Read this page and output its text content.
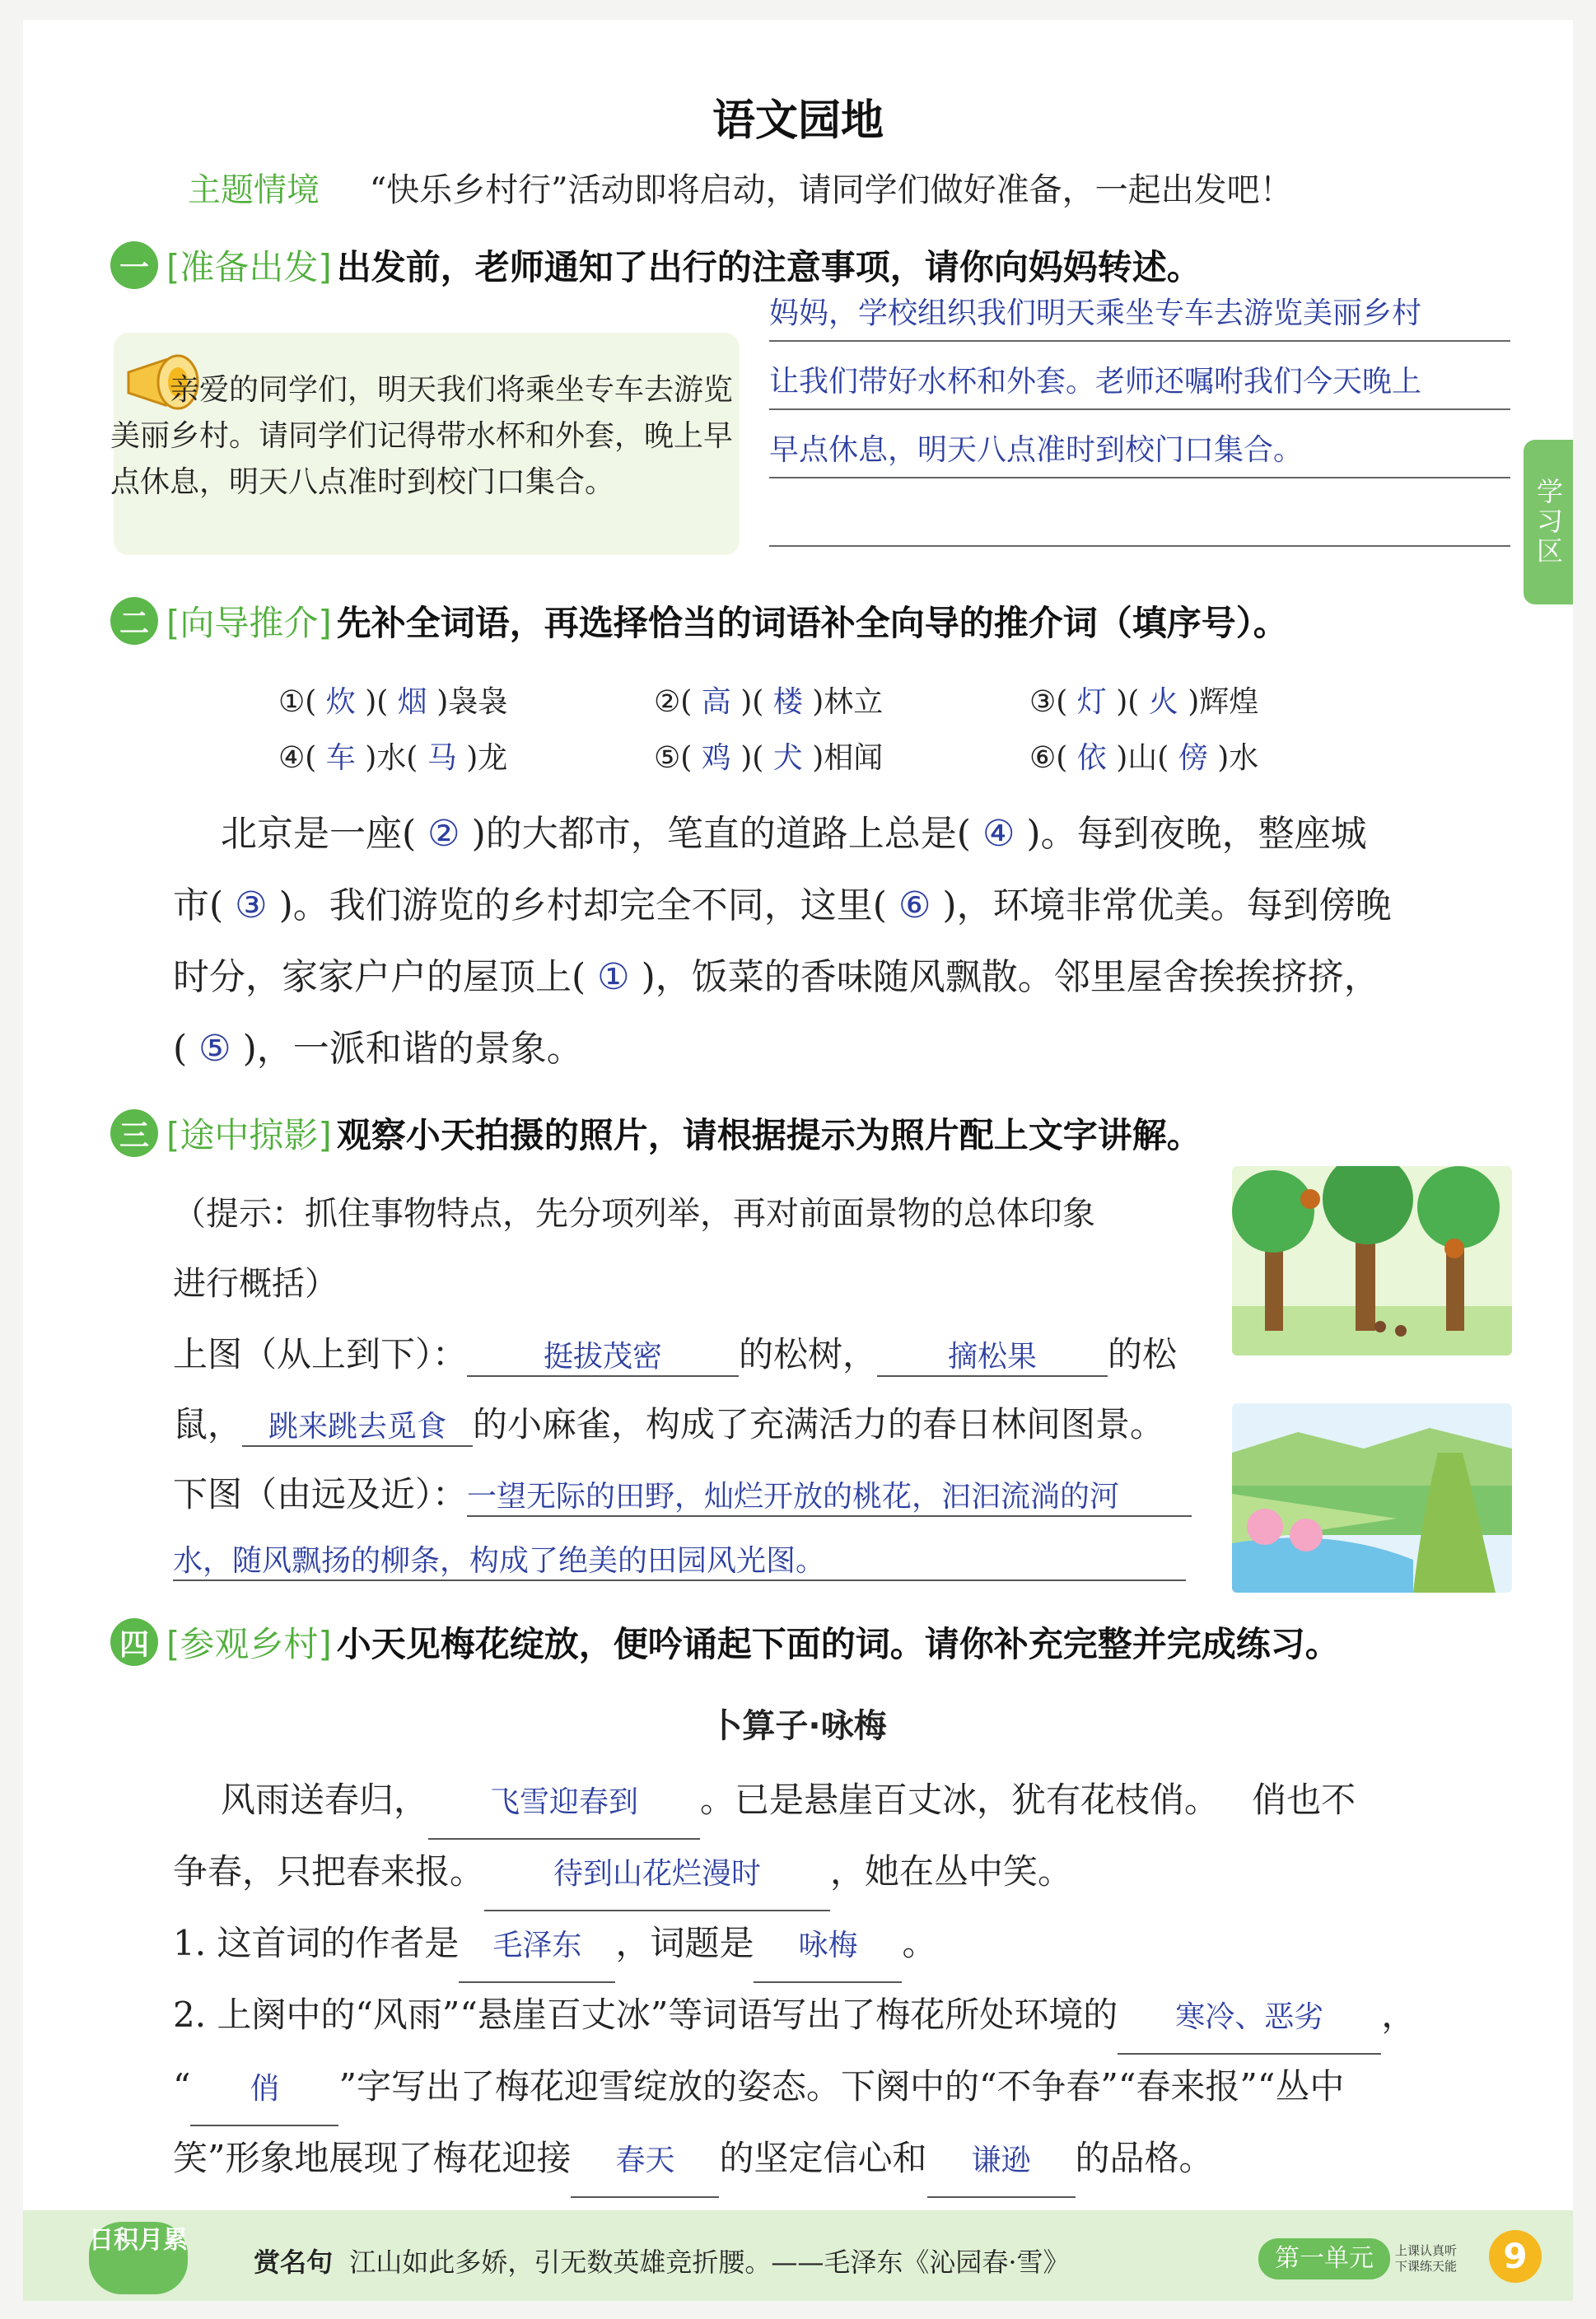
语文园地
主题情境 “快乐乡村行”活动即将启动，请同学们做好准备，一起出发吧！
学习区
一 [准备出发] 出发前，老师通知了出行的注意事项，请你向妈妈转述。
亲爱的同学们，明天我们将乘坐专车去游览美丽乡村。请同学们记得带水杯和外套，晚上早点休息，明天八点准时到校门口集合。
妈妈，学校组织我们明天乘坐专车去游览美丽乡村
让我们带好水杯和外套。老师还嘱咐我们今天晚上
早点休息，明天八点准时到校门口集合。
二 [向导推介] 先补全词语，再选择恰当的词语补全向导的推介词（填序号）。
①( 炊 )( 烟 )袅袅	②( 高 )( 楼 )林立	③( 灯 )( 火 )辉煌
④( 车 )水( 马 )龙	⑤( 鸡 )( 犬 )相闻	⑥( 依 )山( 傍 )水
北京是一座( ② )的大都市，笔直的道路上总是( ④ )。每到夜晚，整座城
市( ③ )。我们游览的乡村却完全不同，这里( ⑥ )，环境非常优美。每到傍晚
时分，家家户户的屋顶上( ① )，饭菜的香味随风飘散。邻里屋舍挨挨挤挤，
( ⑤ )，一派和谐的景象。
三 [途中掠影] 观察小天拍摄的照片，请根据提示为照片配上文字讲解。
（提示：抓住事物特点，先分项列举，再对前面景物的总体印象
进行概括）
上图（从上到下）：	挺拔茂密 的松树， 摘松果 的松
鼠， 跳来跳去觅食 的小麻雀，构成了充满活力的春日林间图景。
下图（由远及近）：一望无际的田野，灿烂开放的桃花，汩汩流淌的河
水，随风飘扬的柳条，构成了绝美的田园风光图。
四 [参观乡村] 小天见梅花绽放，便吟诵起下面的词。请你补充完整并完成练习。
卜算子·咏梅
风雨送春归， 飞雪迎春到 。已是悬崖百丈冰，犹有花枝俏。 俏也不
争春，只把春来报。 待到山花烂漫时 ，她在丛中笑。
1. 这首词的作者是 毛泽东 ，词题是 咏梅 。
2. 上阕中的“风雨”“悬崖百丈冰”等词语写出了梅花所处环境的 寒冷、恶劣 ，
“ 俏 ”字写出了梅花迎雪绽放的姿态。下阕中的“不争春”“春来报”“丛中
笑”形象地展现了梅花迎接 春天 的坚定信心和 谦逊 的品格。
日积月累
赏名句 江山如此多娇，引无数英雄竞折腰。——毛泽东《沁园春·雪》	第一单元	上课认真听
下课练天能	9
